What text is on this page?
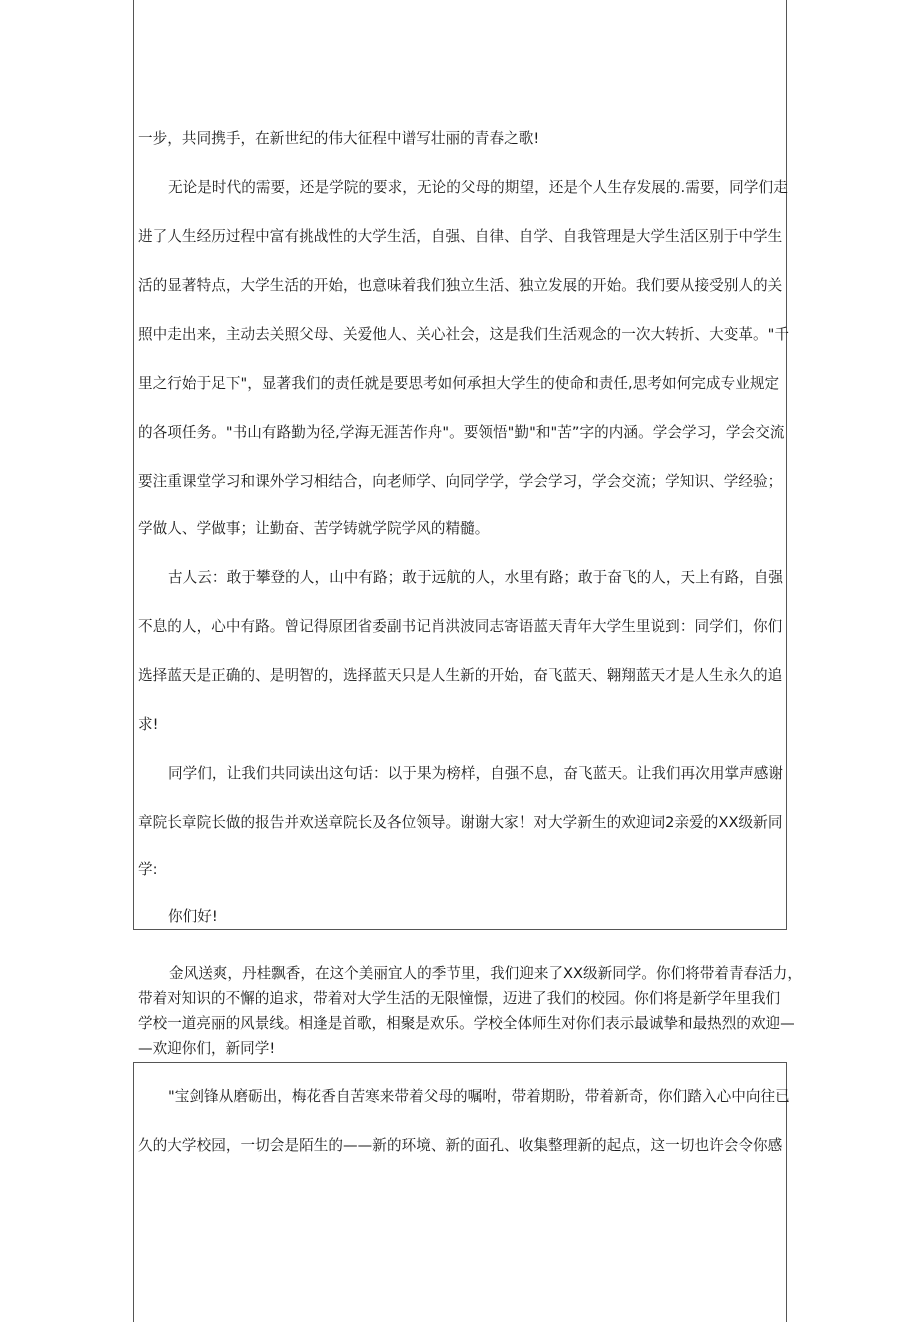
一步，共同携手，在新世纪的伟大征程中谱写壮丽的青春之歌!
无论是时代的需要，还是学院的要求，无论的父母的期望，还是个人生存发展的.需要，同学们走
进了人生经历过程中富有挑战性的大学生活，自强、自律、自学、自我管理是大学生活区别于中学生
活的显著特点，大学生活的开始，也意味着我们独立生活、独立发展的开始。我们要从接受别人的关
照中走出来，主动去关照父母、关爱他人、关心社会，这是我们生活观念的一次大转折、大变革。"千
里之行始于足下"，显著我们的责任就是要思考如何承担大学生的使命和责任,思考如何完成专业规定
的各项任务。"书山有路勤为径,学海无涯苦作舟"。要领悟"勤"和"苦”字的内涵。学会学习，学会交流
要注重课堂学习和课外学习相结合，向老师学、向同学学，学会学习，学会交流；学知识、学经验；
学做人、学做事；让勤奋、苦学铸就学院学风的精髓。
古人云：敢于攀登的人，山中有路；敢于远航的人，水里有路；敢于奋飞的人，天上有路，自强
不息的人，心中有路。曾记得原团省委副书记肖洪波同志寄语蓝天青年大学生里说到：同学们，你们
选择蓝天是正确的、是明智的，选择蓝天只是人生新的开始，奋飞蓝天、翱翔蓝天才是人生永久的追
求!
同学们，让我们共同读出这句话：以于果为榜样，自强不息，奋飞蓝天。让我们再次用掌声感谢
章院长章院长做的报告并欢送章院长及各位领导。谢谢大家！对大学新生的欢迎词2亲爱的XX级新同
学:
你们好!
金风送爽，丹桂飘香，在这个美丽宜人的季节里，我们迎来了XX级新同学。你们将带着青春活力，
带着对知识的不懈的追求，带着对大学生活的无限憧憬，迈进了我们的校园。你们将是新学年里我们
学校一道亮丽的风景线。相逢是首歌，相聚是欢乐。学校全体师生对你们表示最诚挚和最热烈的欢迎—
—欢迎你们，新同学!
"宝剑锋从磨砺出，梅花香自苦寒来带着父母的嘱咐，带着期盼，带着新奇，你们踏入心中向往已
久的大学校园，一切会是陌生的——新的环境、新的面孔、收集整理新的起点，这一切也许会令你感
